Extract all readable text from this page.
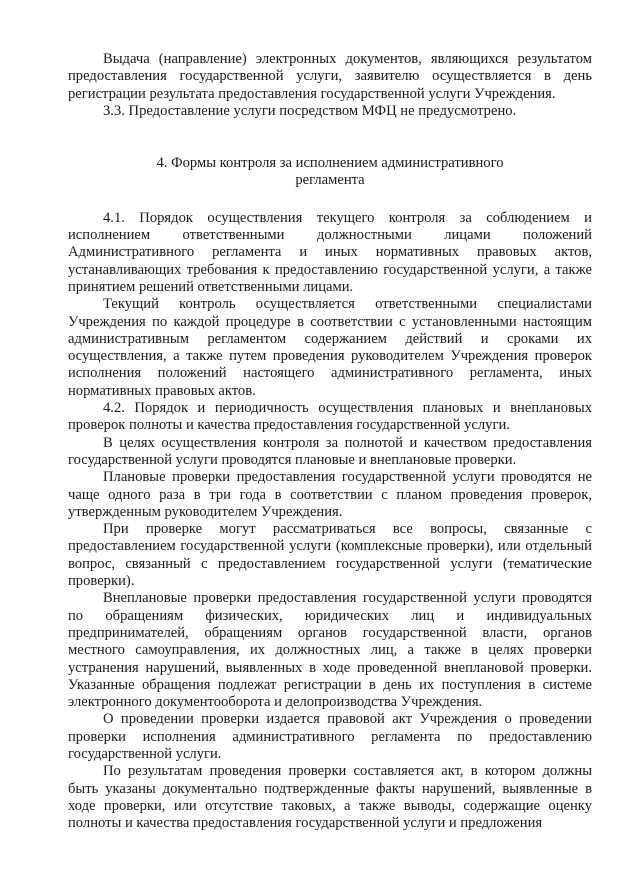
Выдача (направление) электронных документов, являющихся результатом предоставления государственной услуги, заявителю осуществляется в день регистрации результата предоставления государственной услуги Учреждения.

3.3. Предоставление услуги посредством МФЦ не предусмотрено.

4. Формы контроля за исполнением административного
регламента

4.1. Порядок осуществления текущего контроля за соблюдением и исполнением ответственными должностными лицами положений Административного регламента и иных нормативных правовых актов, устанавливающих требования к предоставлению государственной услуги, а также принятием решений ответственными лицами.

Текущий контроль осуществляется ответственными специалистами Учреждения по каждой процедуре в соответствии с установленными настоящим административным регламентом содержанием действий и сроками их осуществления, а также путем проведения руководителем Учреждения проверок исполнения положений настоящего административного регламента, иных нормативных правовых актов.

4.2. Порядок и периодичность осуществления плановых и внеплановых проверок полноты и качества предоставления государственной услуги.

В целях осуществления контроля за полнотой и качеством предоставления государственной услуги проводятся плановые и внеплановые проверки.

Плановые проверки предоставления государственной услуги проводятся не чаще одного раза в три года в соответствии с планом проведения проверок, утвержденным руководителем Учреждения.

При проверке могут рассматриваться все вопросы, связанные с предоставлением государственной услуги (комплексные проверки), или отдельный вопрос, связанный с предоставлением государственной услуги (тематические проверки).

Внеплановые проверки предоставления государственной услуги проводятся по обращениям физических, юридических лиц и индивидуальных предпринимателей, обращениям органов государственной власти, органов местного самоуправления, их должностных лиц, а также в целях проверки устранения нарушений, выявленных в ходе проведенной внеплановой проверки. Указанные обращения подлежат регистрации в день их поступления в системе электронного документооборота и делопроизводства Учреждения.

О проведении проверки издается правовой акт Учреждения о проведении проверки исполнения административного регламента по предоставлению государственной услуги.

По результатам проведения проверки составляется акт, в котором должны быть указаны документально подтвержденные факты нарушений, выявленные в ходе проверки, или отсутствие таковых, а также выводы, содержащие оценку полноты и качества предоставления государственной услуги и предложения
